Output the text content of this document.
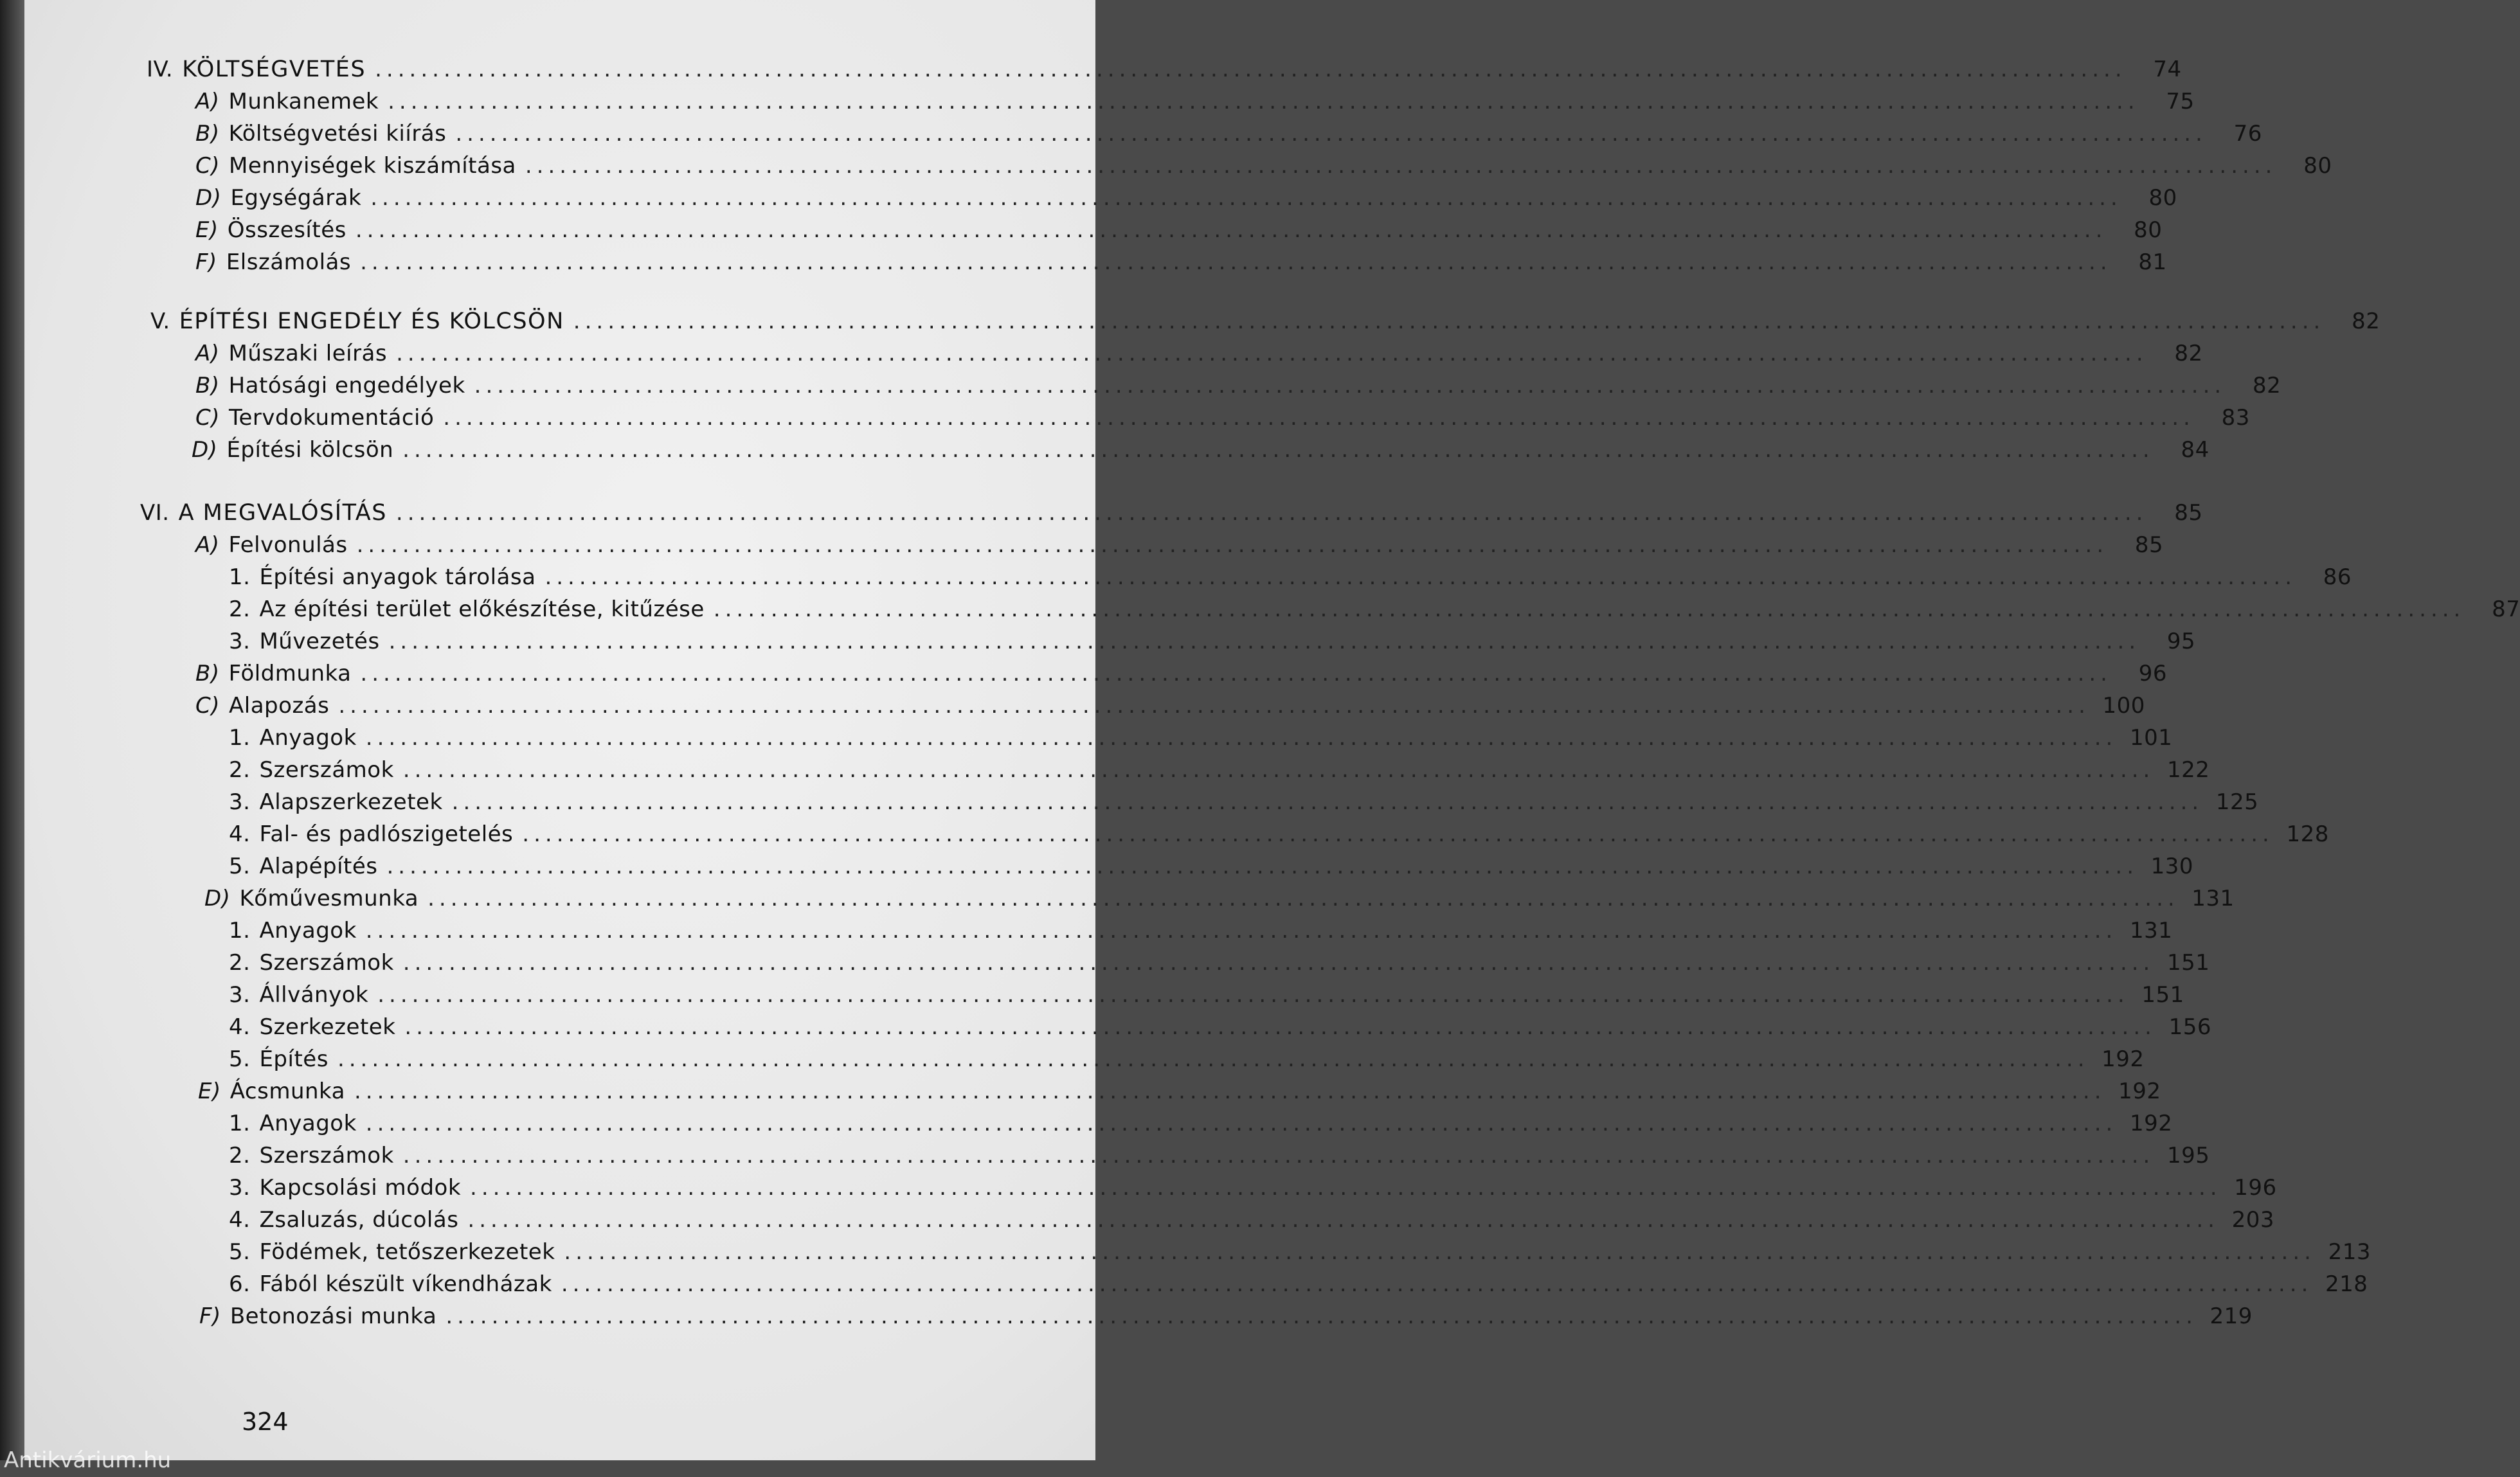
IV. KÖLTSÉGVETÉS .........................................................................................................................................................	74
A) Munkanemek .........................................................................................................................................................	75
B) Költségvetési kiírás .........................................................................................................................................................	76
C) Mennyiségek kiszámítása .........................................................................................................................................................	80
D) Egységárak .........................................................................................................................................................	80
E) Összesítés .........................................................................................................................................................	80
F) Elszámolás .........................................................................................................................................................	81
V. ÉPÍTÉSI ENGEDÉLY ÉS KÖLCSÖN .........................................................................................................................................................	82
A) Műszaki leírás .........................................................................................................................................................	82
B) Hatósági engedélyek .........................................................................................................................................................	82
C) Tervdokumentáció .........................................................................................................................................................	83
D) Építési kölcsön .........................................................................................................................................................	84
VI. A MEGVALÓSÍTÁS .........................................................................................................................................................	85
A) Felvonulás .........................................................................................................................................................	85
1. Építési anyagok tárolása .........................................................................................................................................................	86
2. Az építési terület előkészítése, kitűzése .........................................................................................................................................................	87
3. Művezetés .........................................................................................................................................................	95
B) Földmunka .........................................................................................................................................................	96
C) Alapozás ......................................................................................................................................................... 100
1. Anyagok ......................................................................................................................................................... 101
2. Szerszámok ......................................................................................................................................................... 122
3. Alapszerkezetek ......................................................................................................................................................... 125
4. Fal- és padlószigetelés ......................................................................................................................................................... 128
5. Alapépítés ......................................................................................................................................................... 130
D) Kőművesmunka ......................................................................................................................................................... 131
1. Anyagok ......................................................................................................................................................... 131
2. Szerszámok ......................................................................................................................................................... 151
3. Állványok ......................................................................................................................................................... 151
4. Szerkezetek ......................................................................................................................................................... 156
5. Építés ......................................................................................................................................................... 192
E) Ácsmunka ......................................................................................................................................................... 192
1. Anyagok ......................................................................................................................................................... 192
2. Szerszámok ......................................................................................................................................................... 195
3. Kapcsolási módok ......................................................................................................................................................... 196
4. Zsaluzás, dúcolás ......................................................................................................................................................... 203
5. Födémek, tetőszerkezetek ......................................................................................................................................................... 213
6. Fából készült víkendházak ......................................................................................................................................................... 218
F) Betonozási munka ......................................................................................................................................................... 219
324
Antikvárium.hu
